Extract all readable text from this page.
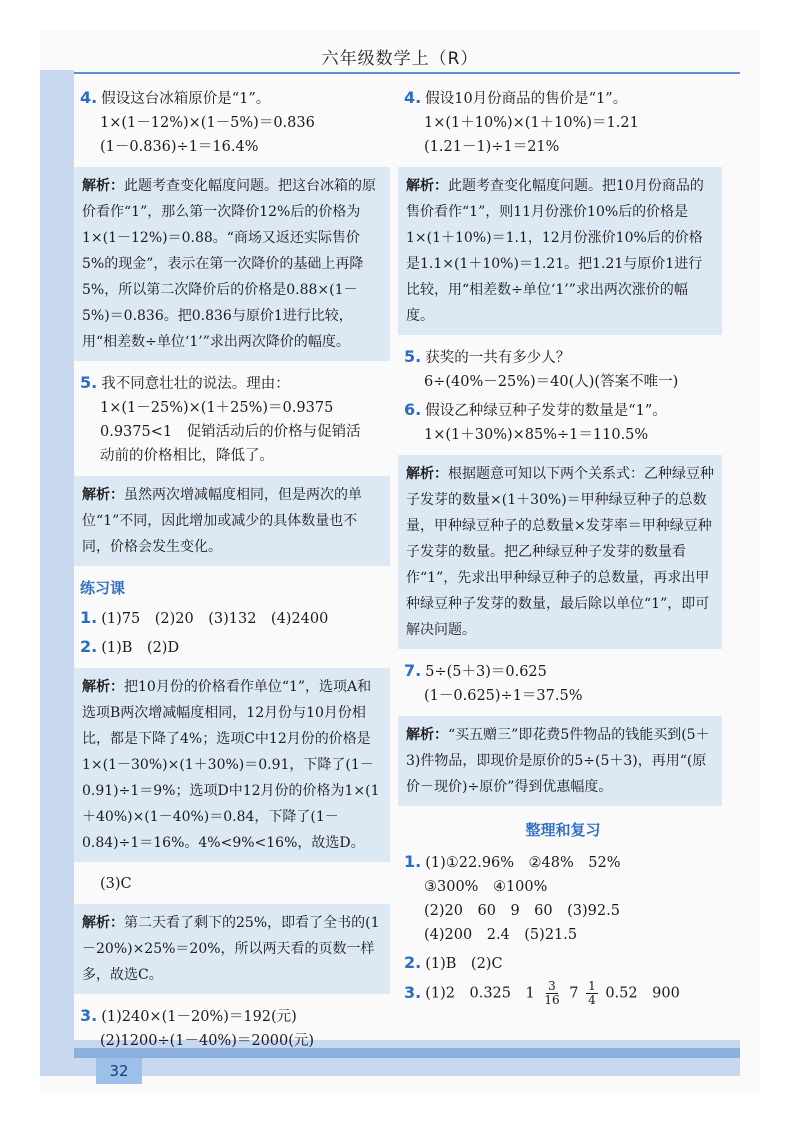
六年级数学上（R）
4. 假设这台冰箱原价是“1”。
1×(1－12%)×(1－5%)＝0.836
(1－0.836)÷1＝16.4%
解析：此题考查变化幅度问题。把这台冰箱的原价看作“1”，那么第一次降价12%后的价格为1×(1－12%)＝0.88。“商场又返还实际售价5%的现金”，表示在第一次降价的基础上再降5%，所以第二次降价后的价格是0.88×(1－5%)＝0.836。把0.836与原价1进行比较，用“相差数÷单位‘1’”求出两次降价的幅度。
5. 我不同意壮壮的说法。理由：
1×(1－25%)×(1＋25%)＝0.9375
0.9375<1　促销活动后的价格与促销活
动前的价格相比，降低了。
解析：虽然两次增减幅度相同，但是两次的单位“1”不同，因此增加或减少的具体数量也不同，价格会发生变化。
练习课
1. (1)75　(2)20　(3)132　(4)2400
2. (1)B　(2)D
解析：把10月份的价格看作单位“1”，选项A和选项B两次增减幅度相同，12月份与10月份相比，都是下降了4%；选项C中12月份的价格是1×(1－30%)×(1＋30%)＝0.91，下降了(1－0.91)÷1＝9%；选项D中12月份的价格为1×(1＋40%)×(1－40%)＝0.84，下降了(1－0.84)÷1＝16%。4%<9%<16%，故选D。
(3)C
解析：第二天看了剩下的25%，即看了全书的(1－20%)×25%＝20%，所以两天看的页数一样多，故选C。
3. (1)240×(1－20%)＝192(元)
(2)1200÷(1－40%)＝2000(元)
4. 假设10月份商品的售价是“1”。
1×(1＋10%)×(1＋10%)＝1.21
(1.21－1)÷1＝21%
解析：此题考查变化幅度问题。把10月份商品的售价看作“1”，则11月份涨价10%后的价格是1×(1＋10%)＝1.1，12月份涨价10%后的价格是1.1×(1＋10%)＝1.21。把1.21与原价1进行比较，用“相差数÷单位‘1’”求出两次涨价的幅度。
5. 获奖的一共有多少人？
6÷(40%－25%)＝40(人)(答案不唯一)
6. 假设乙种绿豆种子发芽的数量是“1”。
1×(1＋30%)×85%÷1＝110.5%
解析：根据题意可知以下两个关系式：乙种绿豆种子发芽的数量×(1＋30%)＝甲种绿豆种子的总数量，甲种绿豆种子的总数量×发芽率＝甲种绿豆种子发芽的数量。把乙种绿豆种子发芽的数量看作“1”，先求出甲种绿豆种子的总数量，再求出甲种绿豆种子发芽的数量，最后除以单位“1”，即可解决问题。
7. 5÷(5＋3)＝0.625
(1－0.625)÷1＝37.5%
解析：“买五赠三”即花费5件物品的钱能买到(5＋3)件物品，即现价是原价的5÷(5＋3)，再用“(原价－现价)÷原价”得到优惠幅度。
整理和复习
1. (1)①22.96%　②48%　52%
③300%　④100%
(2)20　60　9　60　(3)92.5
(4)200　2.4　(5)21.5
2. (1)B　(2)C
3. (1)2　0.325　$1 \frac{3}{16} 7 \frac{1}{4} 0.52$　900
32
